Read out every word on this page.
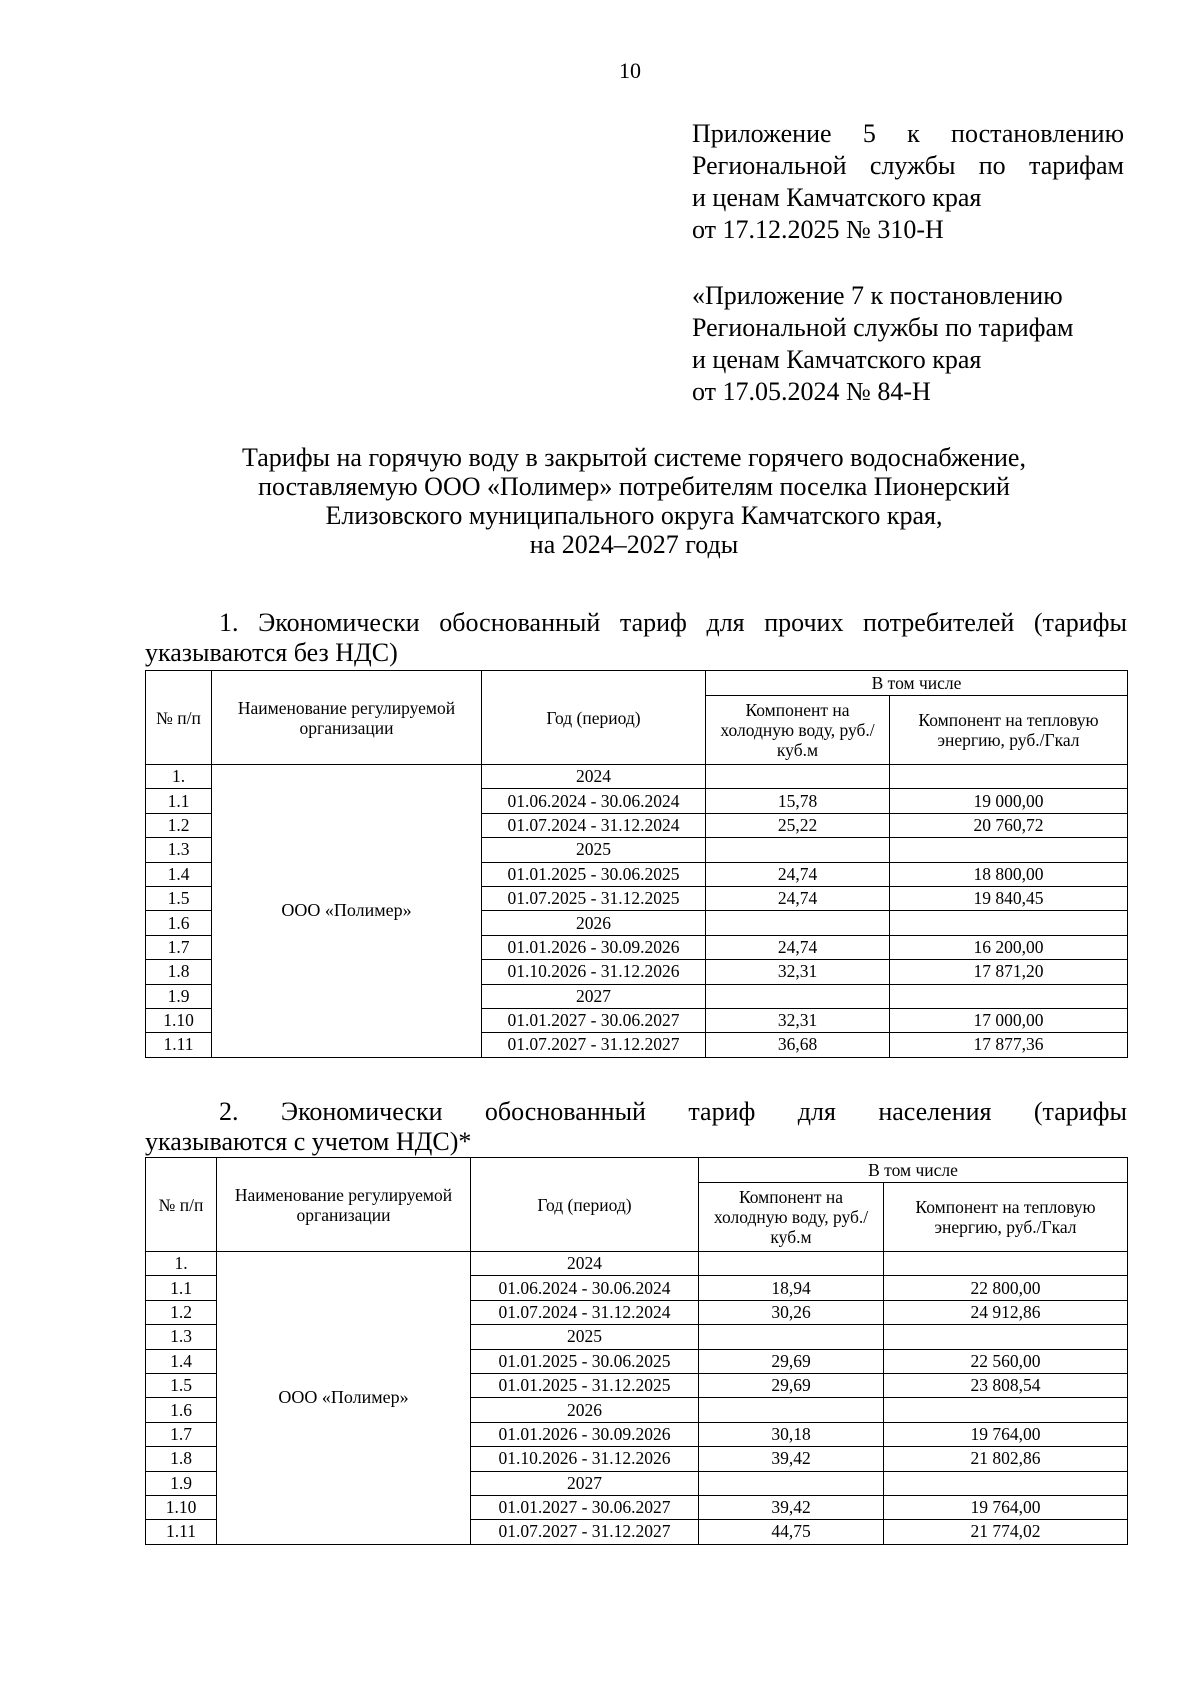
10
Приложение 5 к постановлению
Региональной службы по тарифам
и ценам Камчатского края
от 17.12.2025 № 310-Н
«Приложение 7 к постановлению
Региональной службы по тарифам
и ценам Камчатского края
от 17.05.2024 № 84-Н
Тарифы на горячую воду в закрытой системе горячего водоснабжение,
поставляемую ООО «Полимер» потребителям поселка Пионерский
Елизовского муниципального округа Камчатского края,
на 2024–2027 годы
1. Экономически обоснованный тариф для прочих потребителей (тарифы
указываются без НДС)
№ п/п	Наименование регулируемой организации	Год (период)	В том числе	
			Компонент на холодную воду, руб./куб.м	Компонент на тепловую энергию, руб./Гкал
1.	ООО «Полимер»	2024		
1.1		01.06.2024 - 30.06.2024	15,78	19 000,00
1.2		01.07.2024 - 31.12.2024	25,22	20 760,72
1.3		2025		
1.4		01.01.2025 - 30.06.2025	24,74	18 800,00
1.5		01.07.2025 - 31.12.2025	24,74	19 840,45
1.6		2026		
1.7		01.01.2026 - 30.09.2026	24,74	16 200,00
1.8		01.10.2026 - 31.12.2026	32,31	17 871,20
1.9		2027		
1.10		01.01.2027 - 30.06.2027	32,31	17 000,00
1.11		01.07.2027 - 31.12.2027	36,68	17 877,36
2. Экономически обоснованный тариф для населения (тарифы
указываются с учетом НДС)*
№ п/п	Наименование регулируемой организации	Год (период)	В том числе	
			Компонент на холодную воду, руб./куб.м	Компонент на тепловую энергию, руб./Гкал
1.	ООО «Полимер»	2024		
1.1		01.06.2024 - 30.06.2024	18,94	22 800,00
1.2		01.07.2024 - 31.12.2024	30,26	24 912,86
1.3		2025		
1.4		01.01.2025 - 30.06.2025	29,69	22 560,00
1.5		01.01.2025 - 31.12.2025	29,69	23 808,54
1.6		2026		
1.7		01.01.2026 - 30.09.2026	30,18	19 764,00
1.8		01.10.2026 - 31.12.2026	39,42	21 802,86
1.9		2027		
1.10		01.01.2027 - 30.06.2027	39,42	19 764,00
1.11		01.07.2027 - 31.12.2027	44,75	21 774,02
